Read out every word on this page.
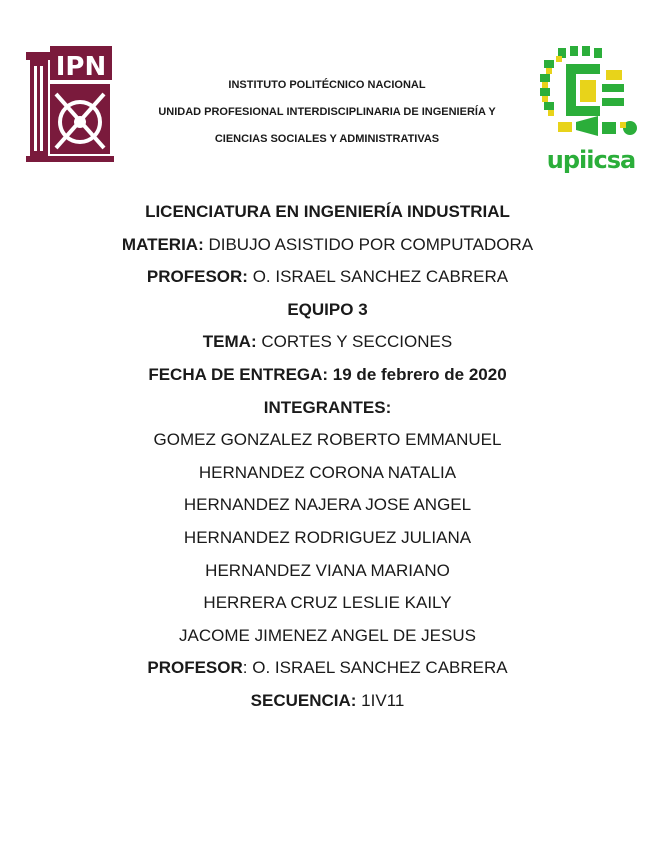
IPN
upiicsa
INSTITUTO POLITÉCNICO NACIONAL
UNIDAD PROFESIONAL INTERDISCIPLINARIA DE INGENIERÍA Y
CIENCIAS SOCIALES Y ADMINISTRATIVAS
LICENCIATURA EN INGENIERÍA INDUSTRIAL
MATERIA: DIBUJO ASISTIDO POR COMPUTADORA
PROFESOR: O. ISRAEL SANCHEZ CABRERA
EQUIPO 3
TEMA: CORTES Y SECCIONES
FECHA DE ENTREGA: 19 de febrero de 2020
INTEGRANTES:
GOMEZ GONZALEZ ROBERTO EMMANUEL
HERNANDEZ CORONA NATALIA
HERNANDEZ NAJERA JOSE ANGEL
HERNANDEZ RODRIGUEZ JULIANA
HERNANDEZ VIANA MARIANO
HERRERA CRUZ LESLIE KAILY
JACOME JIMENEZ ANGEL DE JESUS
PROFESOR: O. ISRAEL SANCHEZ CABRERA
SECUENCIA: 1IV11
